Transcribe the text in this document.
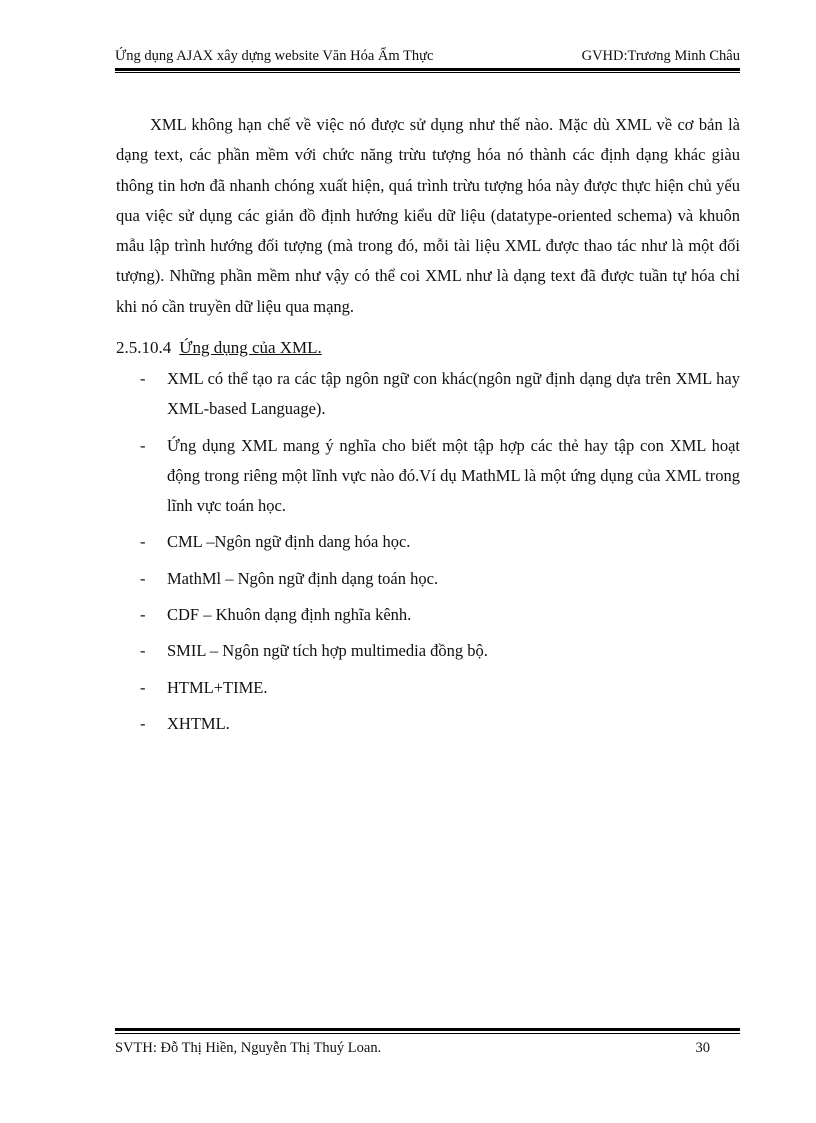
Ứng dụng AJAX xây dựng website Văn Hóa Ẩm Thực	GVHD:Trương Minh Châu

XML không hạn chế về việc nó được sử dụng như thế nào. Mặc dù XML về cơ bản là dạng text, các phần mềm với chức năng trừu tượng hóa nó thành các định dạng khác giàu thông tin hơn đã nhanh chóng xuất hiện, quá trình trừu tượng hóa này được thực hiện chủ yếu qua việc sử dụng các giản đồ định hướng kiểu dữ liệu (datatype-oriented schema) và khuôn mẫu lập trình hướng đối tượng (mà trong đó, mỗi tài liệu XML được thao tác như là một đối tượng). Những phần mềm như vậy có thể coi XML như là dạng text đã được tuần tự hóa chỉ khi nó cần truyền dữ liệu qua mạng.

2.5.10.4 Ứng dụng của XML.
- XML có thể tạo ra các tập ngôn ngữ con khác(ngôn ngữ định dạng dựa trên XML hay XML-based Language).
- Ứng dụng XML mang ý nghĩa cho biết một tập hợp các thẻ hay tập con XML hoạt động trong riêng một lĩnh vực nào đó.Ví dụ MathML là một ứng dụng của XML trong lĩnh vực toán học.
- CML –Ngôn ngữ định dang hóa học.
- MathMl – Ngôn ngữ định dạng toán học.
- CDF – Khuôn dạng định nghĩa kênh.
- SMIL – Ngôn ngữ tích hợp multimedia đồng bộ.
- HTML+TIME.
- XHTML.
SVTH: Đỗ Thị Hiền, Nguyễn Thị Thuý Loan.	30
